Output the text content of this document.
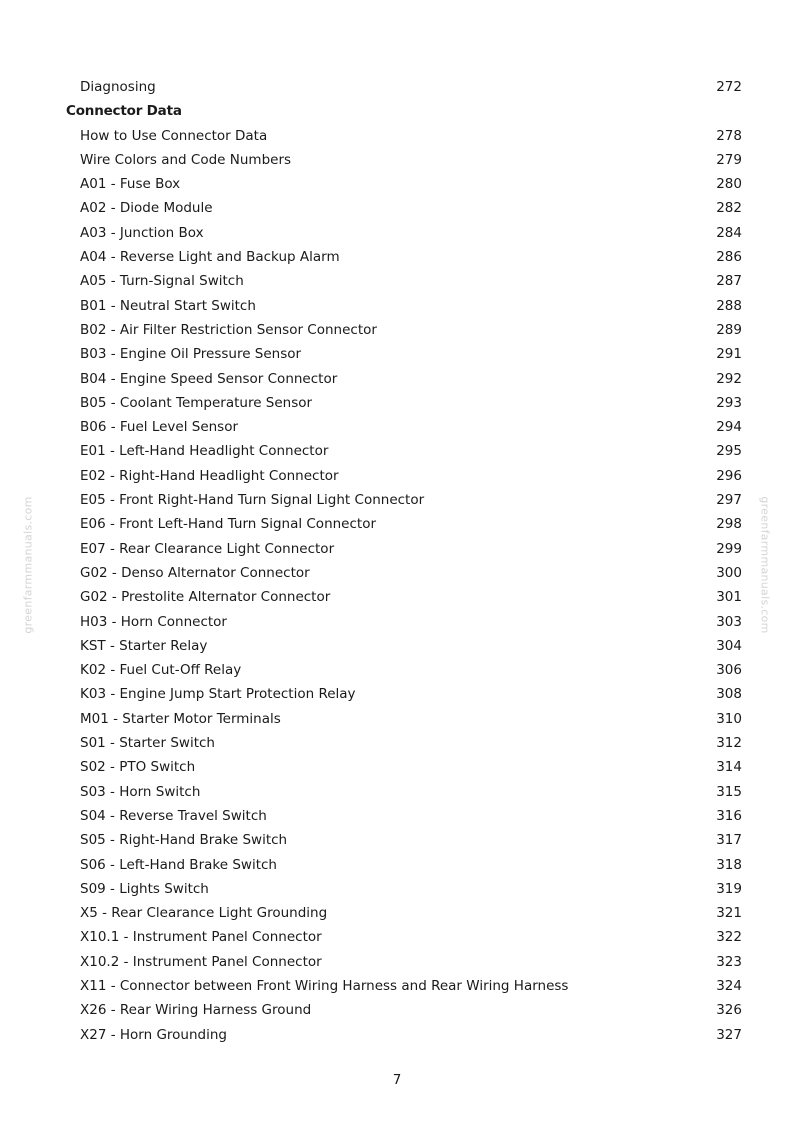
Diagnosing	272
Connector Data
How to Use Connector Data	278
Wire Colors and Code Numbers	279
A01 - Fuse Box	280
A02 - Diode Module	282
A03 - Junction Box	284
A04 - Reverse Light and Backup Alarm	286
A05 - Turn-Signal Switch	287
B01 - Neutral Start Switch	288
B02 - Air Filter Restriction Sensor Connector	289
B03 - Engine Oil Pressure Sensor	291
B04 - Engine Speed Sensor Connector	292
B05 - Coolant Temperature Sensor	293
B06 - Fuel Level Sensor	294
E01 - Left-Hand Headlight Connector	295
E02 - Right-Hand Headlight Connector	296
E05 - Front Right-Hand Turn Signal Light Connector	297
E06 - Front Left-Hand Turn Signal Connector	298
E07 - Rear Clearance Light Connector	299
G02 - Denso Alternator Connector	300
G02 - Prestolite Alternator Connector	301
H03 - Horn Connector	303
KST - Starter Relay	304
K02 - Fuel Cut-Off Relay	306
K03 - Engine Jump Start Protection Relay	308
M01 - Starter Motor Terminals	310
S01 - Starter Switch	312
S02 - PTO Switch	314
S03 - Horn Switch	315
S04 - Reverse Travel Switch	316
S05 - Right-Hand Brake Switch	317
S06 - Left-Hand Brake Switch	318
S09 - Lights Switch	319
X5 - Rear Clearance Light Grounding	321
X10.1 - Instrument Panel Connector	322
X10.2 - Instrument Panel Connector	323
X11 - Connector between Front Wiring Harness and Rear Wiring Harness	324
X26 - Rear Wiring Harness Ground	326
X27 - Horn Grounding	327
greenfarmmanuals.com	greenfarmmanuals.com
7
